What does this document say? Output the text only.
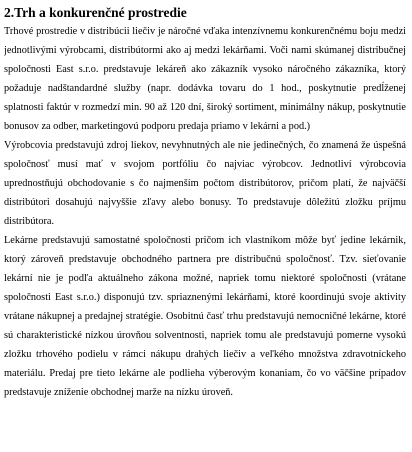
2.Trh a konkurenčné prostredie

Trhové prostredie v distribúcii liečiv je náročné vďaka intenzívnemu konkurenčnému boju medzi jednotlivými výrobcami, distribútormi ako aj medzi lekárňami. Voči nami skúmanej distribučnej spoločnosti East s.r.o. predstavuje lekáreň ako zákazník vysoko náročného zákazníka, ktorý požaduje nadštandardné služby (napr. dodávka tovaru do 1 hod., poskytnutie predĺženej splatnosti faktúr v rozmedzí min. 90 až 120 dní, široký sortiment, minimálny nákup, poskytnutie bonusov za odber, marketingovú podporu predaja priamo v lekárni a pod.)

Výrobcovia predstavujú zdroj liekov, nevyhnutných ale nie jedinečných, čo znamená že úspešná spoločnosť musí mať v svojom portfóliu čo najviac výrobcov. Jednotliví výrobcovia uprednostňujú obchodovanie s čo najmenším počtom distribútorov, pričom platí, že najväčší distribútori dosahujú najvyššie zľavy alebo bonusy. To predstavuje dôležitú zložku príjmu distribútora.

Lekárne predstavujú samostatné spoločnosti pričom ich vlastníkom môže byť jedine lekárnik, ktorý zároveň predstavuje obchodného partnera pre distribučnú spoločnosť. Tzv. sieťovanie lekární nie je podľa aktuálneho zákona možné, napriek tomu niektoré spoločnosti (vrátane spoločnosti East s.r.o.) disponujú tzv. spriaznenými lekárňami, ktoré koordinujú svoje aktivity vrátane nákupnej a predajnej stratégie. Osobitnú časť trhu predstavujú nemocničné lekárne, ktoré sú charakteristické nízkou úrovňou solventnosti, napriek tomu ale predstavujú pomerne vysokú zložku trhového podielu v rámci nákupu drahých liečiv a veľkého množstva zdravotníckeho materiálu. Predaj pre tieto lekárne ale podlieha výberovým konaniam, čo vo väčšine prípadov predstavuje zníženie obchodnej marže na nízku úroveň.
